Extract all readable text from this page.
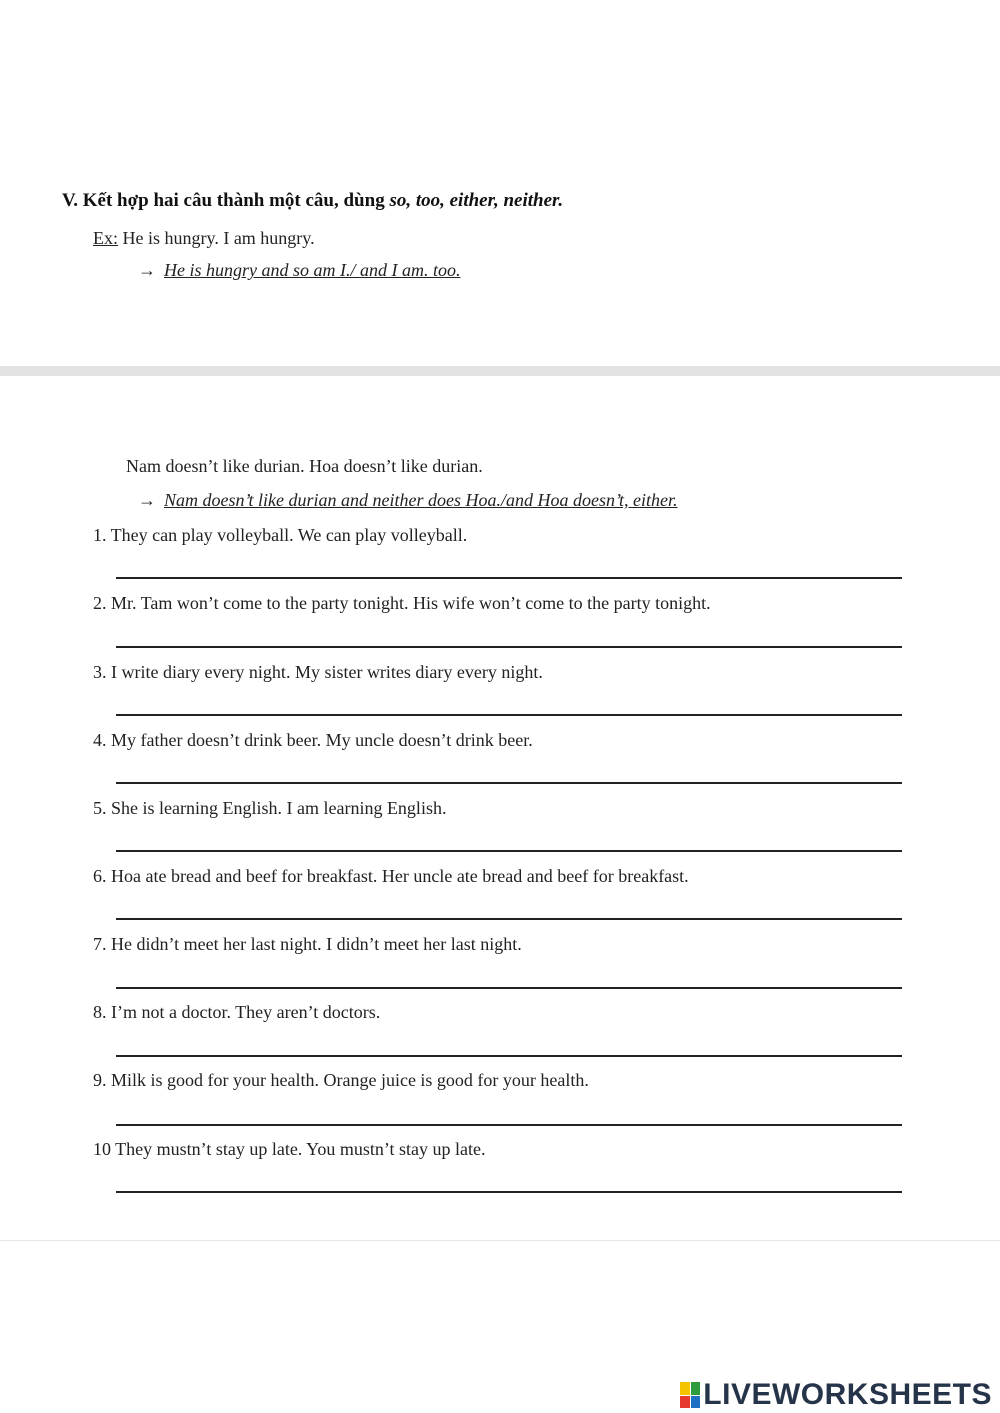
V. Kết hợp hai câu thành một câu, dùng so, too, either, neither.
Ex: He is hungry. I am hungry.
→ He is hungry and so am I./ and I am. too.
Nam doesn’t like durian. Hoa doesn’t like durian.
→ Nam doesn’t like durian and neither does Hoa./and Hoa doesn’t, either.
1. They can play volleyball. We can play volleyball.
2. Mr. Tam won’t come to the party tonight. His wife won’t come to the party tonight.
3. I write diary every night. My sister writes diary every night.
4. My father doesn’t drink beer. My uncle doesn’t drink beer.
5. She is learning English. I am learning English.
6. Hoa ate bread and beef for breakfast. Her uncle ate bread and beef for breakfast.
7. He didn’t meet her last night. I didn’t meet her last night.
8. I’m not a doctor. They aren’t doctors.
9. Milk is good for your health. Orange juice is good for your health.
10 They mustn’t stay up late. You mustn’t stay up late.
LIVEWORKSHEETS
